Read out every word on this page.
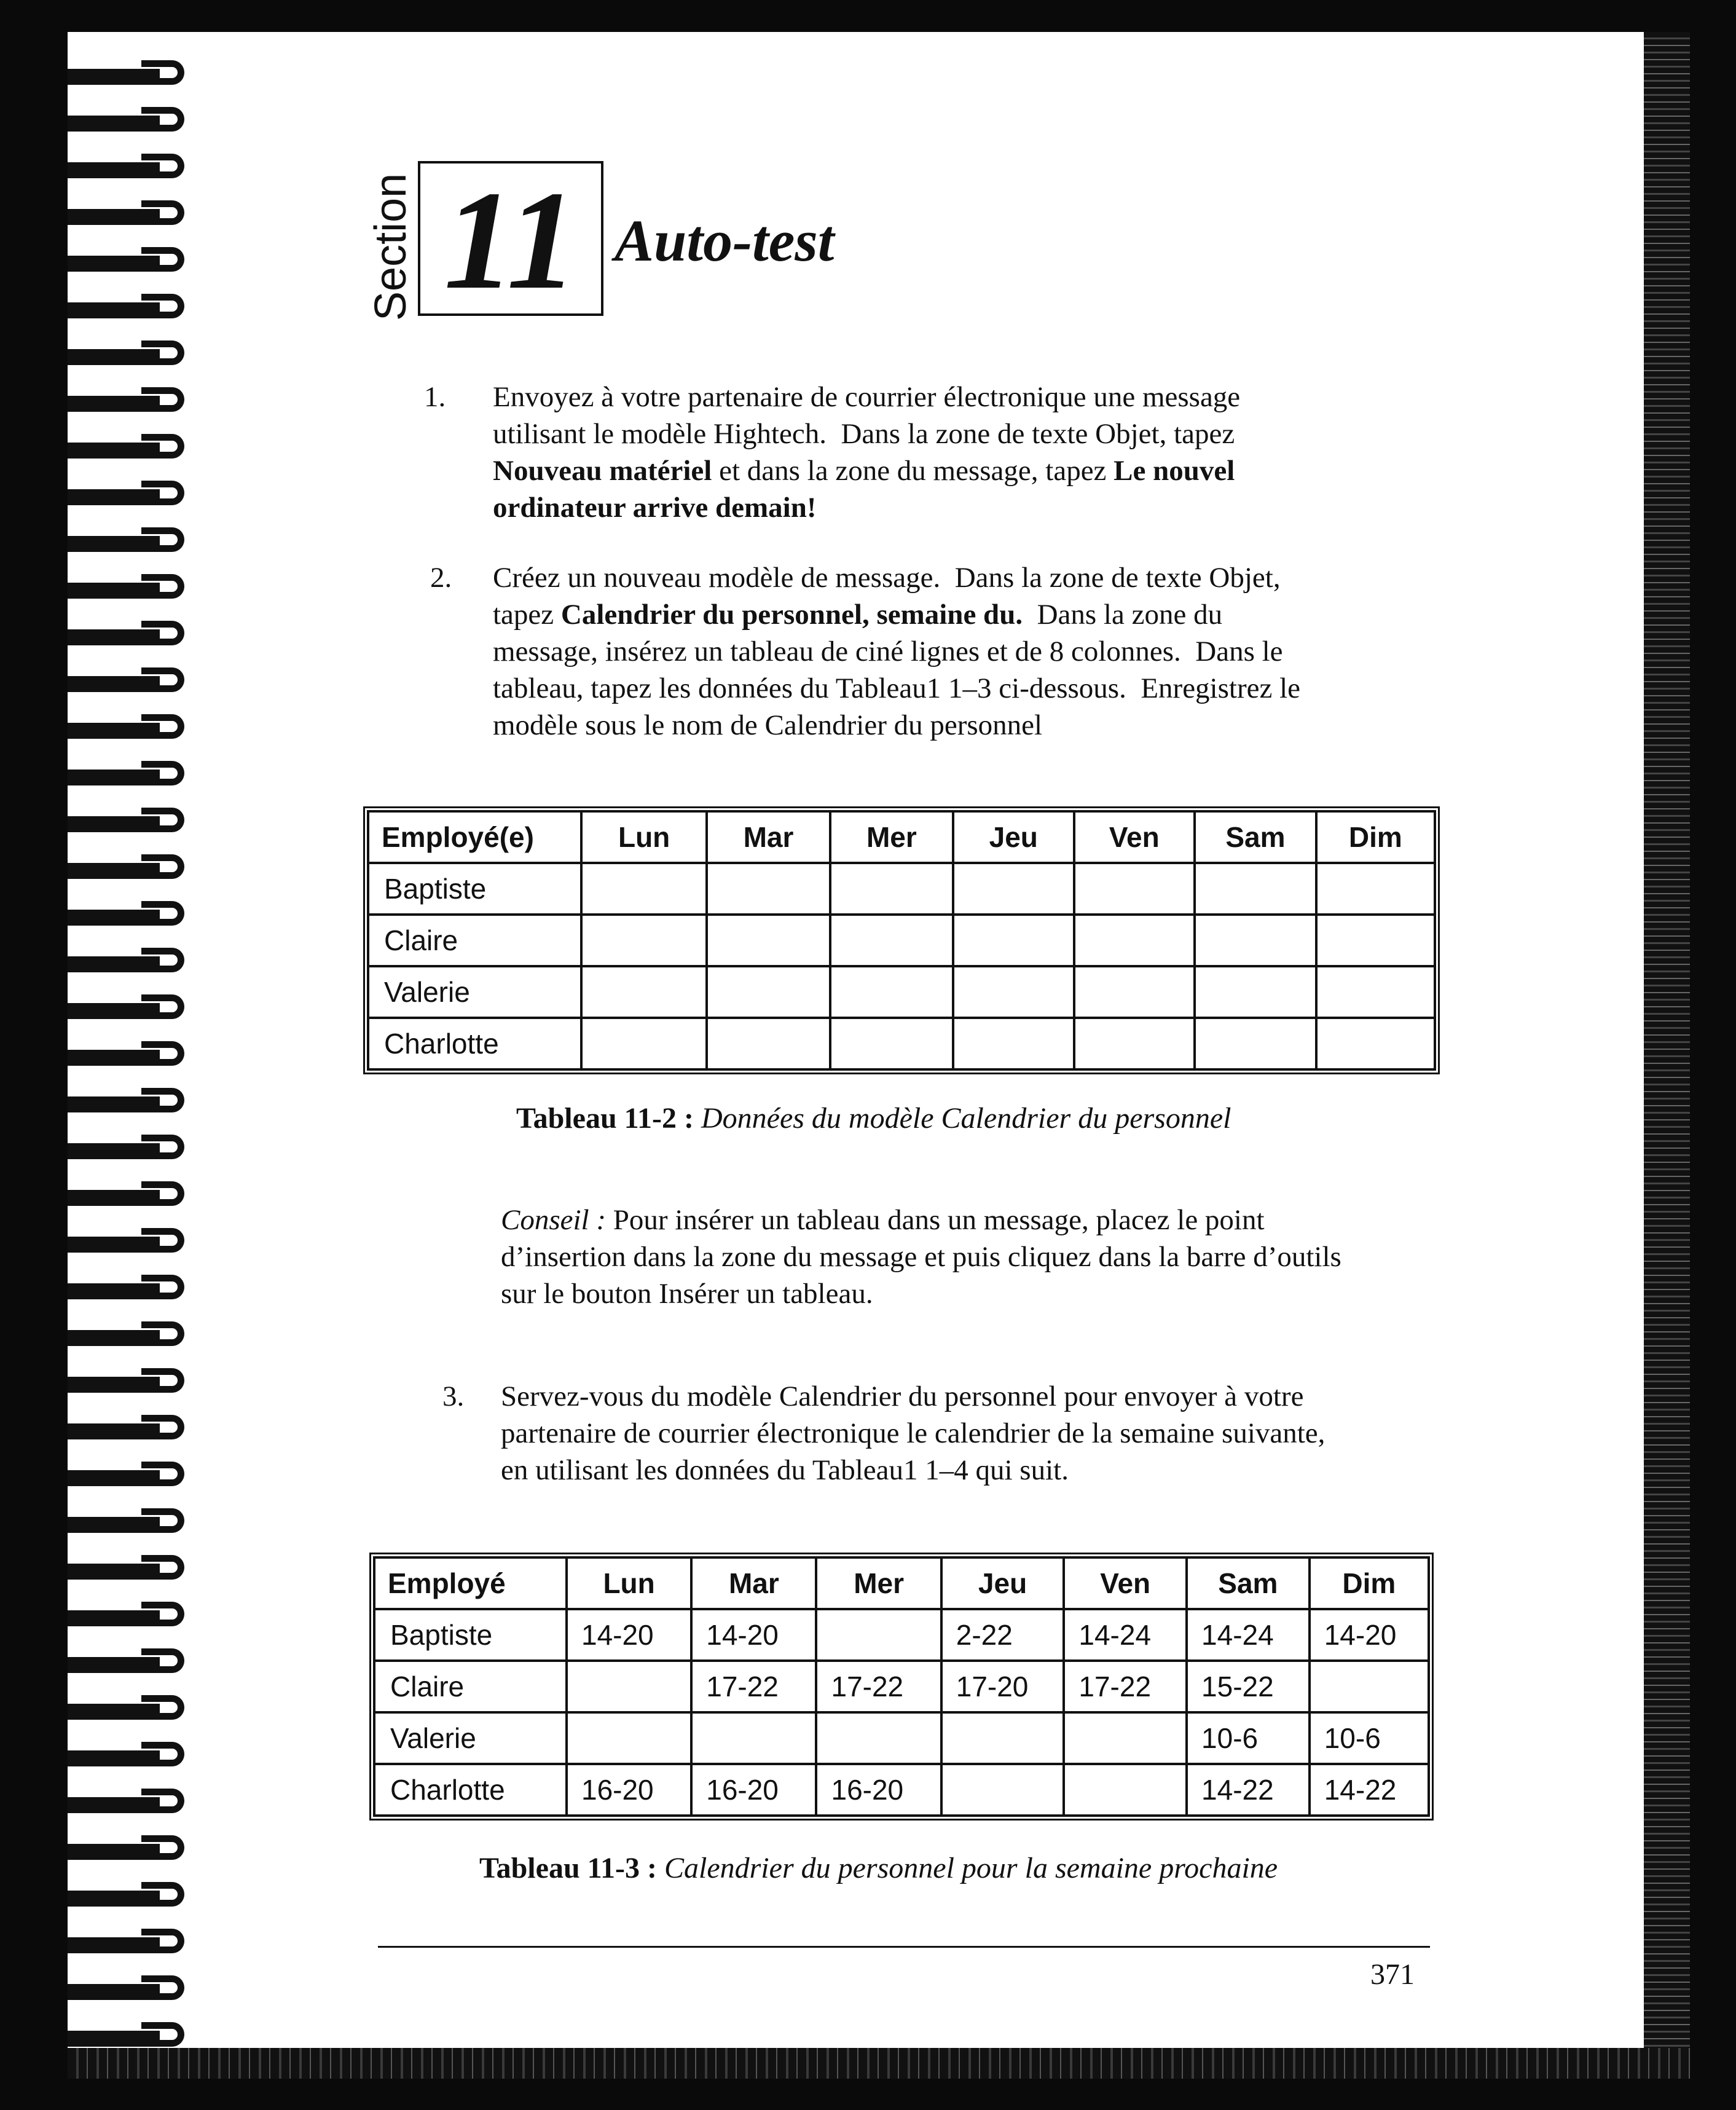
Section 11 Auto-test
1. Envoyez à votre partenaire de courrier électronique une message

utilisant le modèle Hightech.  Dans la zone de texte Objet, tapez

Nouveau matériel et dans la zone du message, tapez Le nouvel

ordinateur arrive demain!

2. Créez un nouveau modèle de message.  Dans la zone de texte Objet,

tapez Calendrier du personnel, semaine du.  Dans la zone du

message, insérez un tableau de ciné lignes et de 8 colonnes.  Dans le

tableau, tapez les données du Tableau1 1–3 ci-dessous.  Enregistrez le

modèle sous le nom de Calendrier du personnel

Employé(e)	Lun	Mar	Mer	Jeu	Ven	Sam	Dim
Baptiste							
Claire							
Valerie							
Charlotte							
Tableau 11-2 : Données du modèle Calendrier du personnel

Conseil : Pour insérer un tableau dans un message, placez le point

d’insertion dans la zone du message et puis cliquez dans la barre d’outils

sur le bouton Insérer un tableau.

3. Servez-vous du modèle Calendrier du personnel pour envoyer à votre

partenaire de courrier électronique le calendrier de la semaine suivante,

en utilisant les données du Tableau1 1–4 qui suit.

Employé	Lun	Mar	Mer	Jeu	Ven	Sam	Dim
Baptiste	14-20	14-20		2-22	14-24	14-24	14-20
Claire		17-22	17-22	17-20	17-22	15-22	
Valerie						10-6	10-6
Charlotte	16-20	16-20	16-20			14-22	14-22
Tableau 11-3 : Calendrier du personnel pour la semaine prochaine
371
